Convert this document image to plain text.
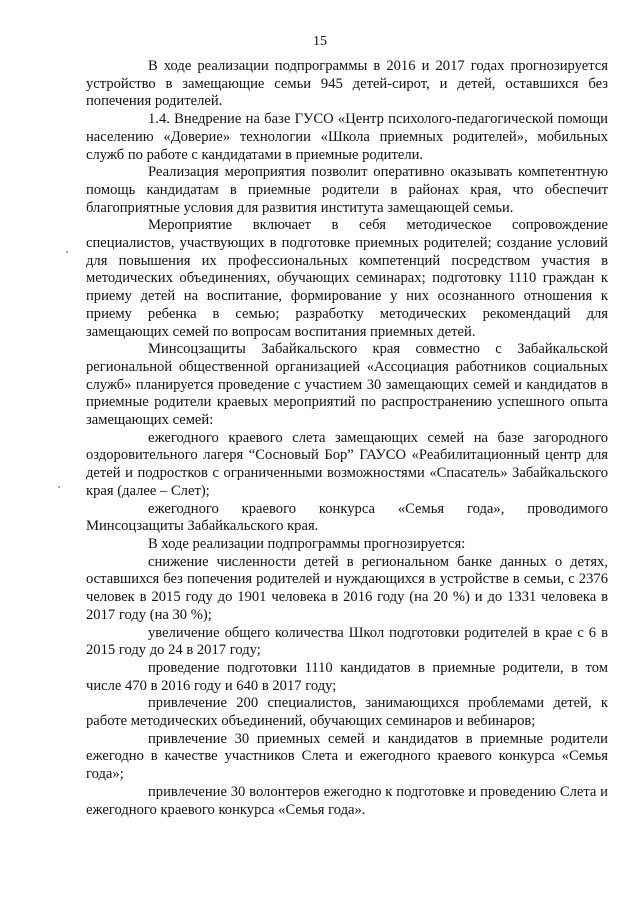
15

В ходе реализации подпрограммы в 2016 и 2017 годах прогнозируется устройство в замещающие семьи 945 детей-сирот, и детей, оставшихся без попечения родителей.

1.4. Внедрение на базе ГУСО «Центр психолого-педагогической помощи населению «Доверие» технологии «Школа приемных родителей», мобильных служб по работе с кандидатами в приемные родители.

Реализация мероприятия позволит оперативно оказывать компетентную помощь кандидатам в приемные родители в районах края, что обеспечит благоприятные условия для развития института замещающей семьи.

Мероприятие включает в себя методическое сопровождение специалистов, участвующих в подготовке приемных родителей; создание условий для повышения их профессиональных компетенций посредством участия в методических объединениях, обучающих семинарах; подготовку 1110 граждан к приему детей на воспитание, формирование у них осознанного отношения к приему ребенка в семью; разработку методических рекомендаций для замещающих семей по вопросам воспитания приемных детей.

Минсоцзащиты Забайкальского края совместно с Забайкальской региональной общественной организацией «Ассоциация работников социальных служб» планируется проведение с участием 30 замещающих семей и кандидатов в приемные родители краевых мероприятий по распространению успешного опыта замещающих семей:

ежегодного краевого слета замещающих семей на базе загородного оздоровительного лагеря “Сосновый Бор” ГАУСО «Реабилитационный центр для детей и подростков с ограниченными возможностями «Спасатель» Забайкальского края (далее – Слет);

ежегодного краевого конкурса «Семья года», проводимого Минсоцзащиты Забайкальского края.

В ходе реализации подпрограммы прогнозируется:

снижение численности детей в региональном банке данных о детях, оставшихся без попечения родителей и нуждающихся в устройстве в семьи, с 2376 человек в 2015 году до 1901 человека в 2016 году (на 20 %) и до 1331 человека в 2017 году (на 30 %);

увеличение общего количества Школ подготовки родителей в крае с 6 в 2015 году до 24 в 2017 году;

проведение подготовки 1110 кандидатов в приемные родители, в том числе 470 в 2016 году и 640 в 2017 году;

привлечение 200 специалистов, занимающихся проблемами детей, к работе методических объединений, обучающих семинаров и вебинаров;

привлечение 30 приемных семей и кандидатов в приемные родители ежегодно в качестве участников Слета и ежегодного краевого конкурса «Семья года»;

привлечение 30 волонтеров ежегодно к подготовке и проведению Слета и ежегодного краевого конкурса «Семья года».
